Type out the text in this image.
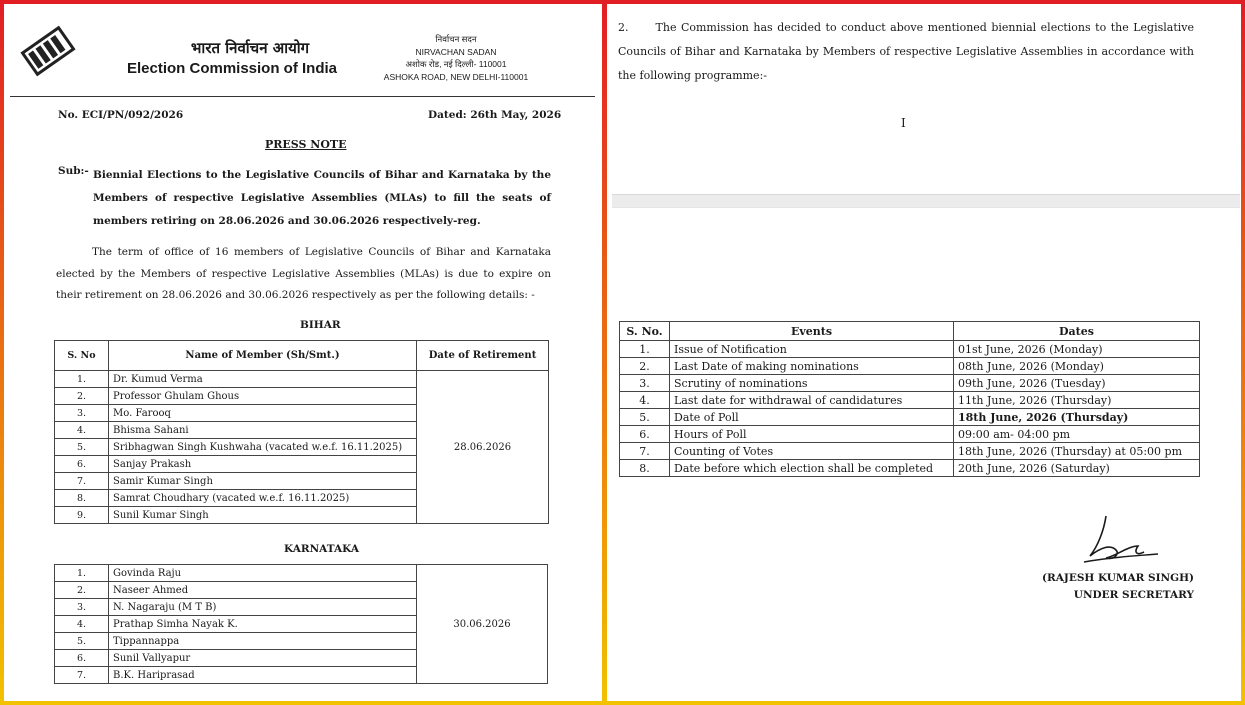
भारत निर्वाचन आयोग
Election Commission of India
निर्वाचन सदन
NIRVACHAN SADAN
अशोक रोड, नई दिल्ली- 110001
ASHOKA ROAD, NEW DELHI-110001
No. ECI/PN/092/2026	Dated: 26th May, 2026
PRESS NOTE
Sub:- Biennial Elections to the Legislative Councils of Bihar and Karnataka by the Members of respective Legislative Assemblies (MLAs) to fill the seats of members retiring on 28.06.2026 and 30.06.2026 respectively-reg.
The term of office of 16 members of Legislative Councils of Bihar and Karnataka elected by the Members of respective Legislative Assemblies (MLAs) is due to expire on their retirement on 28.06.2026 and 30.06.2026 respectively as per the following details: -
BIHAR
S. No	Name of Member (Sh/Smt.)	Date of Retirement
1.	Dr. Kumud Verma	28.06.2026
2.	Professor Ghulam Ghous	
3.	Mo. Farooq	
4.	Bhisma Sahani	
5.	Sribhagwan Singh Kushwaha (vacated w.e.f. 16.11.2025)	
6.	Sanjay Prakash	
7.	Samir Kumar Singh	
8.	Samrat Choudhary (vacated w.e.f. 16.11.2025)	
9.	Sunil Kumar Singh	
KARNATAKA
1.	Govinda Raju	30.06.2026
2.	Naseer Ahmed	
3.	N. Nagaraju (M T B)	
4.	Prathap Simha Nayak K.	
5.	Tippannappa	
6.	Sunil Vallyapur	
7.	B.K. Hariprasad	
2.      The Commission has decided to conduct above mentioned biennial elections to the Legislative Councils of Bihar and Karnataka by Members of respective Legislative Assemblies in accordance with the following programme:-
I
S. No.	Events	Dates
1.	Issue of Notification	01st June, 2026 (Monday)
2.	Last Date of making nominations	08th June, 2026 (Monday)
3.	Scrutiny of nominations	09th June, 2026 (Tuesday)
4.	Last date for withdrawal of candidatures	11th June, 2026 (Thursday)
5.	Date of Poll	18th June, 2026 (Thursday)
6.	Hours of Poll	09:00 am- 04:00 pm
7.	Counting of Votes	18th June, 2026 (Thursday) at 05:00 pm
8.	Date before which election shall be completed	20th June, 2026 (Saturday)
(RAJESH KUMAR SINGH)
UNDER SECRETARY
